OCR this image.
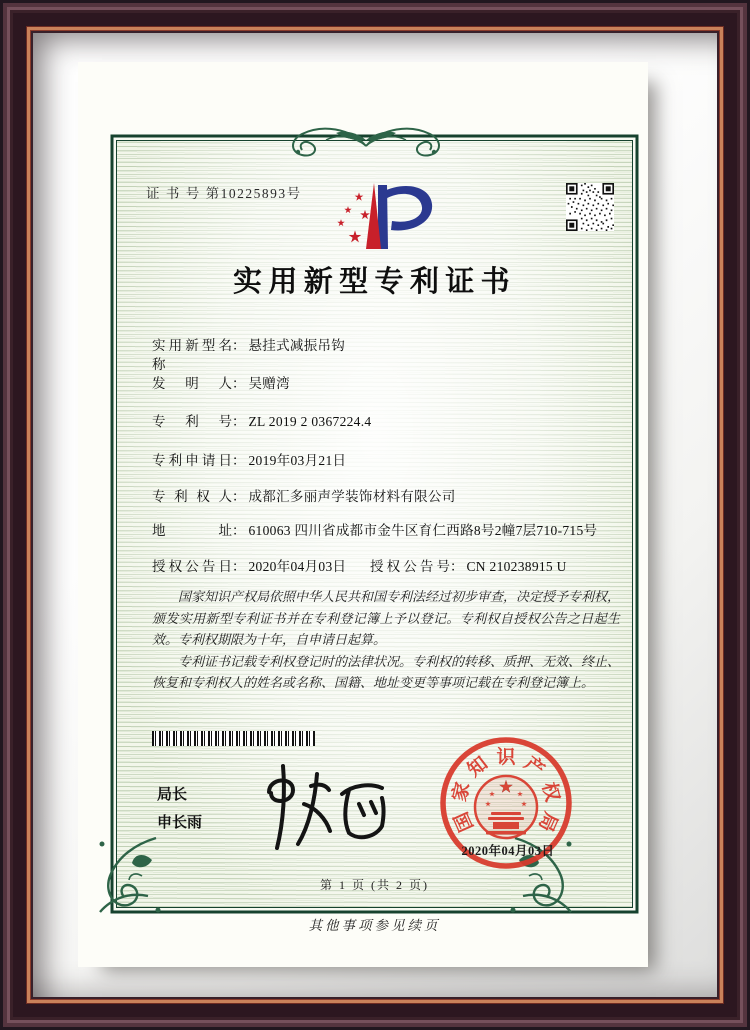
证 书 号 第10225893号
实用新型专利证书
实用新型名称
： 悬挂式减振吊钩
发明人 ： 吴赠湾
专利号 ： ZL 2019 2 0367224.4
专利申请日 ： 2019年03月21日
专利权人 ： 成都汇多丽声学装饰材料有限公司
地址 ： 610063 四川省成都市金牛区育仁西路8号2幢7层710-715号
授权公告日 ： 2020年04月03日 授权公告号 ： CN 210238915 U

国家知识产权局依照中华人民共和国专利法经过初步审查，决定授予专利权，颁发实用新型专利证书并在专利登记簿上予以登记。专利权自授权公告之日起生效。专利权期限为十年，自申请日起算。

专利证书记载专利权登记时的法律状况。专利权的转移、质押、无效、终止、恢复和专利权人的姓名或名称、国籍、地址变更等事项记载在专利登记簿上。

局长
申长雨	国
家
知 识 产
权
局
2020年04月03日
第 1 页 (共 2 页)
其他事项参见续页
